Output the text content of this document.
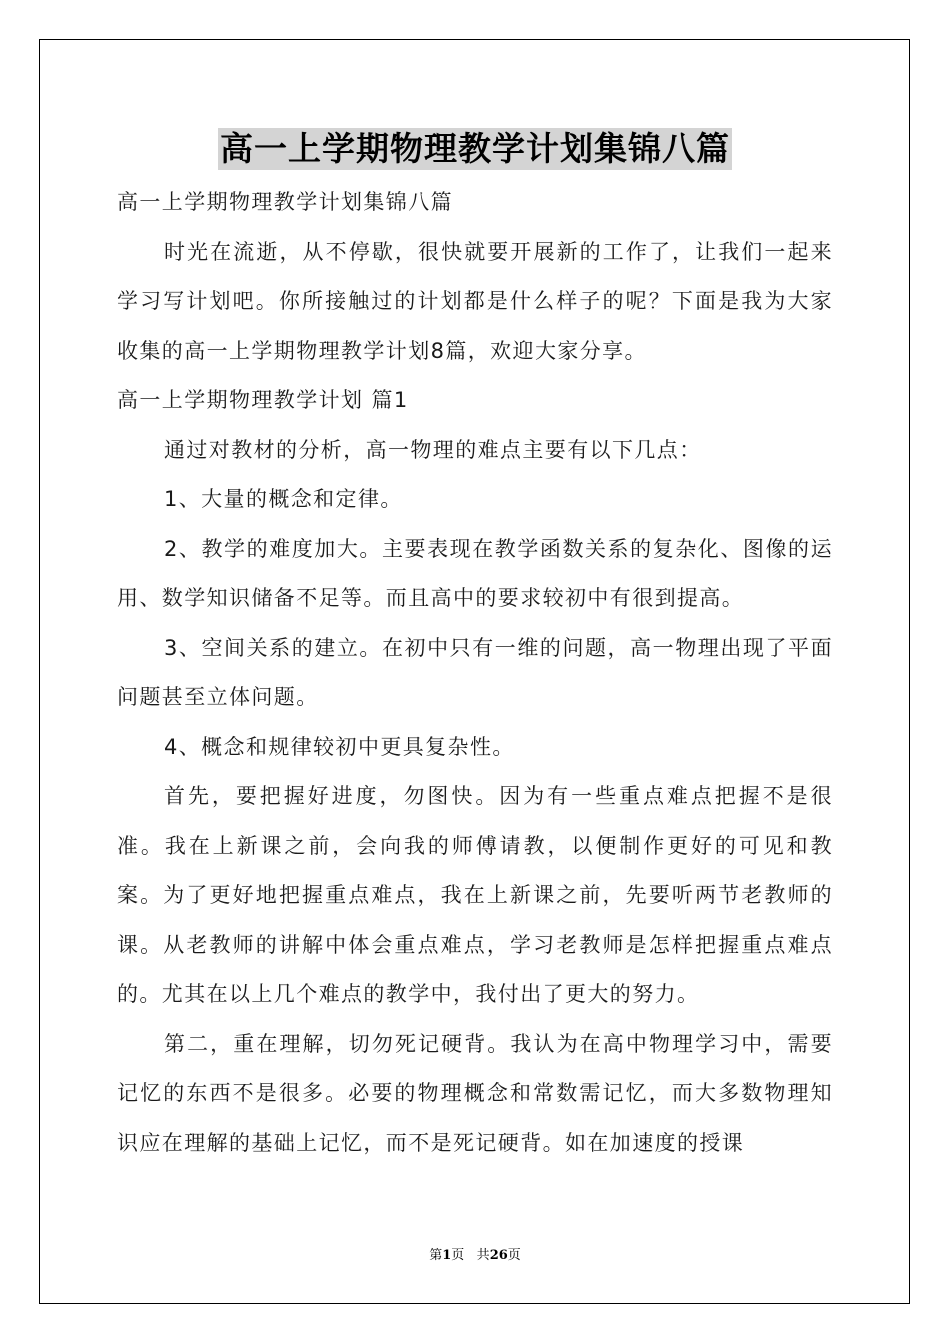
高一上学期物理教学计划集锦八篇

高一上学期物理教学计划集锦八篇

时光在流逝，从不停歇，很快就要开展新的工作了，让我们一起来学习写计划吧。你所接触过的计划都是什么样子的呢？下面是我为大家收集的高一上学期物理教学计划8篇，欢迎大家分享。

高一上学期物理教学计划 篇1

通过对教材的分析，高一物理的难点主要有以下几点：

1、大量的概念和定律。

2、教学的难度加大。主要表现在教学函数关系的复杂化、图像的运用、数学知识储备不足等。而且高中的要求较初中有很到提高。

3、空间关系的建立。在初中只有一维的问题，高一物理出现了平面问题甚至立体问题。

4、概念和规律较初中更具复杂性。

首先，要把握好进度，勿图快。因为有一些重点难点把握不是很准。我在上新课之前，会向我的师傅请教，以便制作更好的可见和教案。为了更好地把握重点难点，我在上新课之前，先要听两节老教师的课。从老教师的讲解中体会重点难点，学习老教师是怎样把握重点难点的。尤其在以上几个难点的教学中，我付出了更大的努力。

第二，重在理解，切勿死记硬背。我认为在高中物理学习中，需要记忆的东西不是很多。必要的物理概念和常数需记忆，而大多数物理知识应在理解的基础上记忆，而不是死记硬背。如在加速度的授课

第1页 共26页
